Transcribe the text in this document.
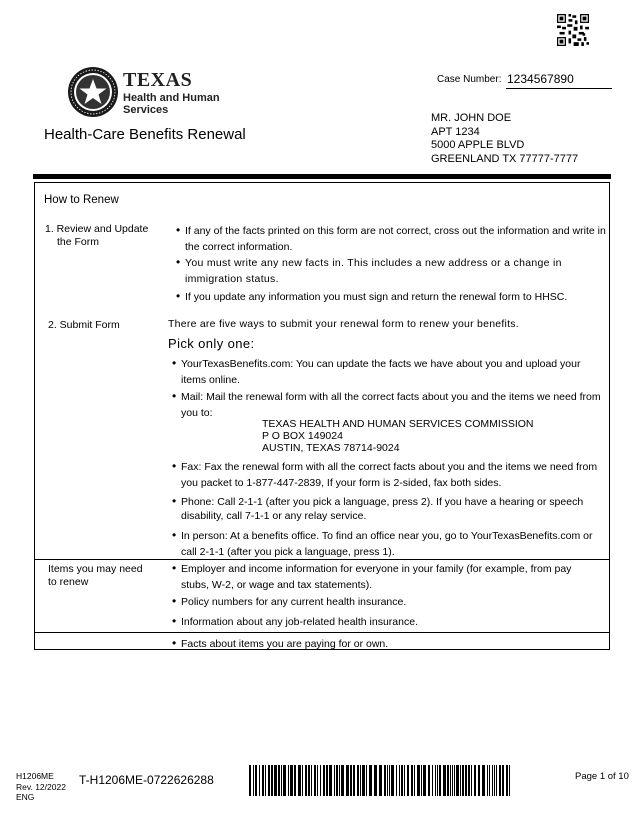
TEXAS
Health and Human
Services
Health-Care Benefits Renewal
Case Number: 1234567890
MR. JOHN DOE
APT 1234
5000 APPLE BLVD
GREENLAND TX 77777-7777
How to Renew
1. Review and Update
the Form
• If any of the facts printed on this form are not correct, cross out the information and write in the correct information.
• You must write any new facts in. This includes a new address or a change in immigration status.
• If you update any information you must sign and return the renewal form to HHSC.
2. Submit Form	There are five ways to submit your renewal form to renew your benefits.
Pick only one:
• YourTexasBenefits.com: You can update the facts we have about you and upload your items online.
• Mail: Mail the renewal form with all the correct facts about you and the items we need from you to:
TEXAS HEALTH AND HUMAN SERVICES COMMISSION
P O BOX 149024
AUSTIN, TEXAS 78714-9024
• Fax: Fax the renewal form with all the correct facts about you and the items we need from you packet to 1-877-447-2839, If your form is 2-sided, fax both sides.
• Phone: Call 2-1-1 (after you pick a language, press 2). If you have a hearing or speech disability, call 7-1-1 or any relay service.
• In person: At a benefits office. To find an office near you, go to YourTexasBenefits.com or call 2-1-1 (after you pick a language, press 1).
Items you may need
to renew
• Employer and income information for everyone in your family (for example, from pay stubs, W-2, or wage and tax statements).
• Policy numbers for any current health insurance.
• Information about any job-related health insurance.
• Facts about items you are paying for or own.
H1206ME
Rev. 12/2022
ENG
T-H1206ME-0722626288	Page 1 of 10
